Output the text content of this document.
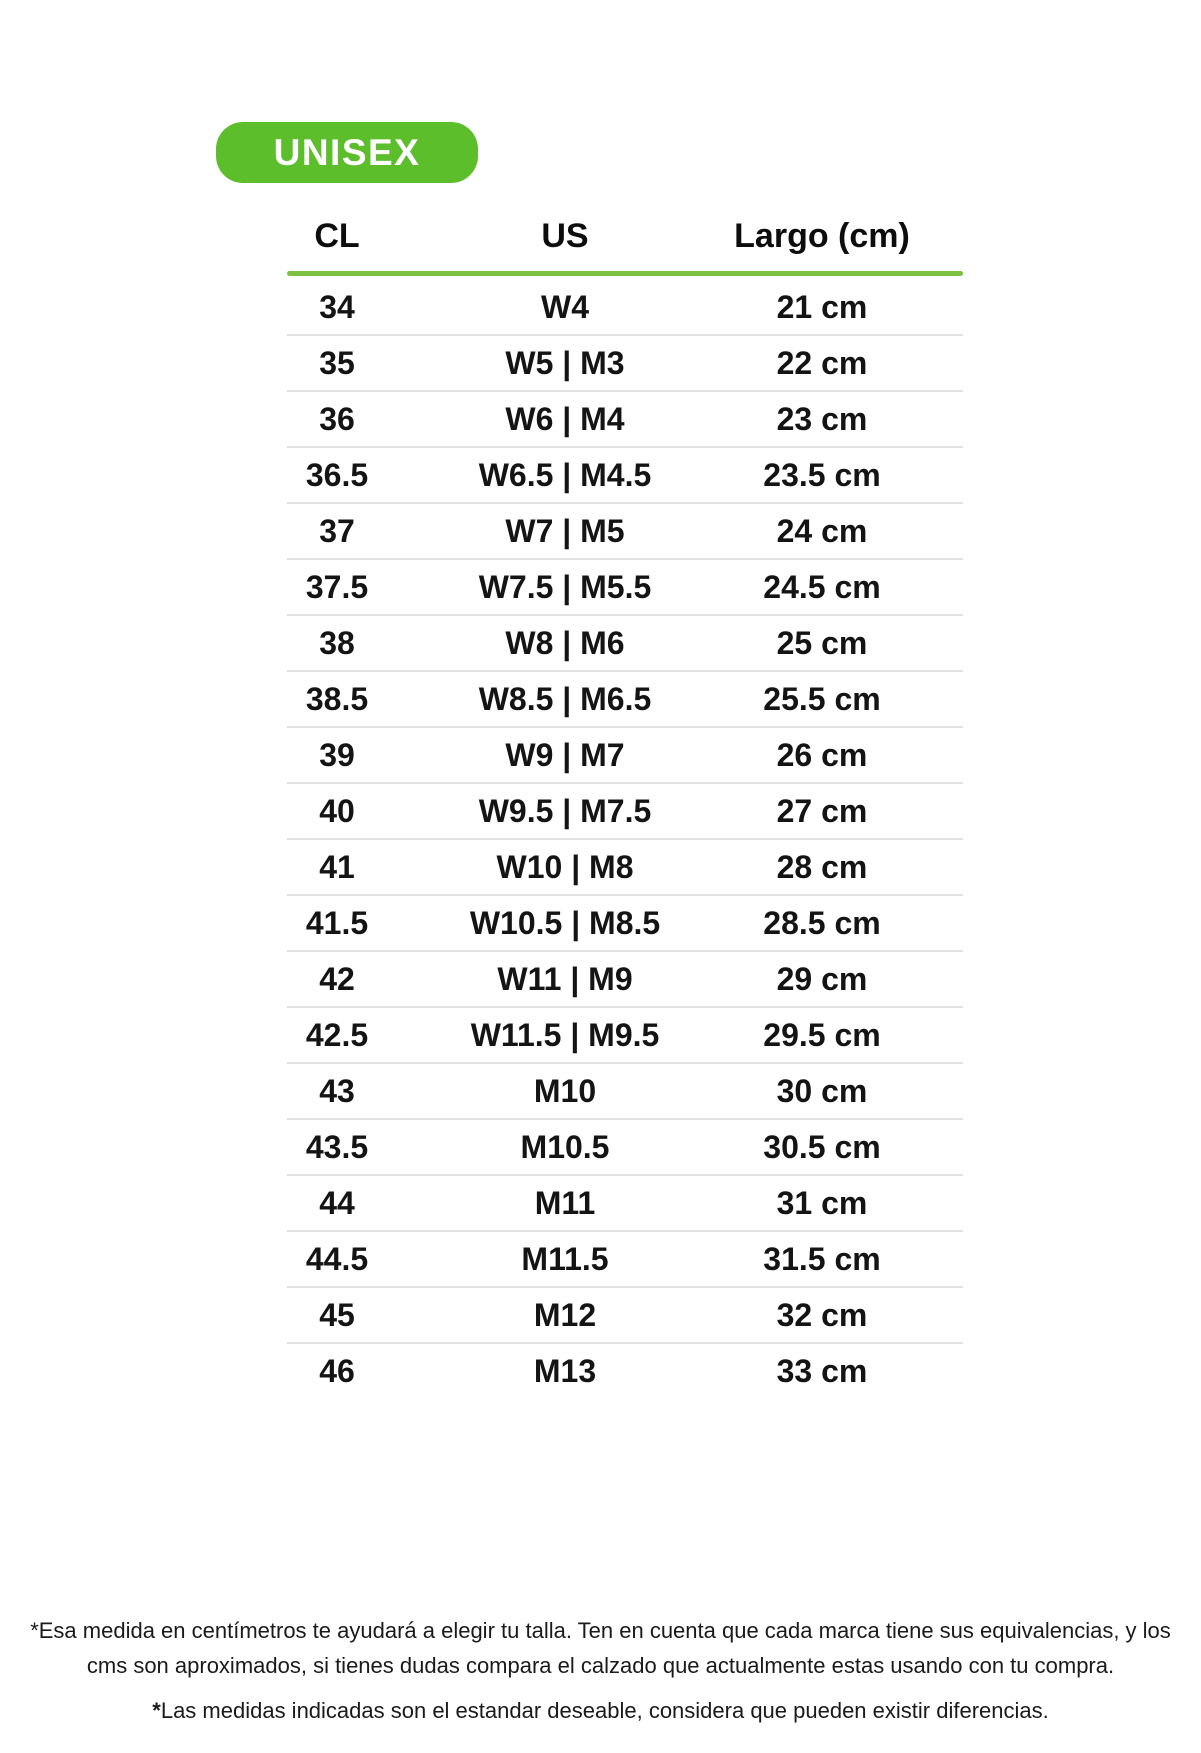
UNISEX
CL	US	Largo (cm)
34	W4	21 cm
35	W5 | M3	22 cm
36	W6 | M4	23 cm
36.5	W6.5 | M4.5	23.5 cm
37	W7 | M5	24 cm
37.5	W7.5 | M5.5	24.5 cm
38	W8 | M6	25 cm
38.5	W8.5 | M6.5	25.5 cm
39	W9 | M7	26 cm
40	W9.5 | M7.5	27 cm
41	W10 | M8	28 cm
41.5	W10.5 | M8.5	28.5 cm
42	W11 | M9	29 cm
42.5	W11.5 | M9.5	29.5 cm
43	M10	30 cm
43.5	M10.5	30.5 cm
44	M11	31 cm
44.5	M11.5	31.5 cm
45	M12	32 cm
46	M13	33 cm

*Esa medida en centímetros te ayudará a elegir tu talla. Ten en cuenta que cada marca tiene sus equivalencias, y los cms son aproximados, si tienes dudas compara el calzado que actualmente estas usando con tu compra.

*Las medidas indicadas son el estandar deseable, considera que pueden existir diferencias.
